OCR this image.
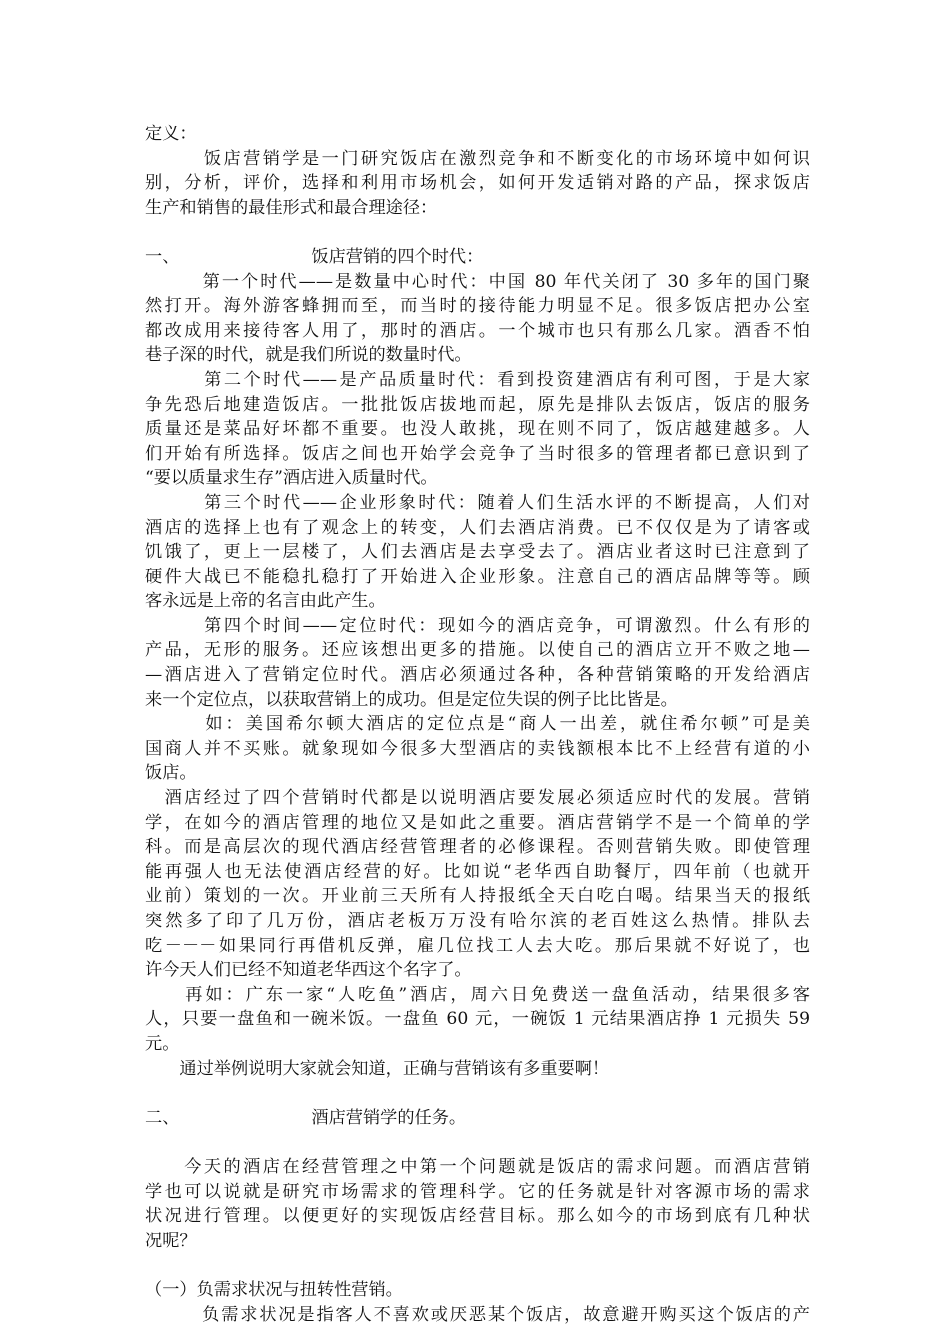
定义：
　　　饭店营销学是一门研究饭店在激烈竞争和不断变化的市场环境中如何识
别，分析，评价，选择和利用市场机会，如何开发适销对路的产品，探求饭店
生产和销售的最佳形式和最合理途径：
一、	饭店营销的四个时代：
　　　第一个时代——是数量中心时代：中国 80 年代关闭了 30 多年的国门聚
然打开。海外游客蜂拥而至，而当时的接待能力明显不足。很多饭店把办公室
都改成用来接待客人用了，那时的酒店。一个城市也只有那么几家。酒香不怕
巷子深的时代，就是我们所说的数量时代。
　　　第二个时代——是产品质量时代：看到投资建酒店有利可图，于是大家
争先恐后地建造饭店。一批批饭店拔地而起，原先是排队去饭店，饭店的服务
质量还是菜品好坏都不重要。也没人敢挑，现在则不同了，饭店越建越多。人
们开始有所选择。饭店之间也开始学会竞争了当时很多的管理者都已意识到了
“要以质量求生存”酒店进入质量时代。
　　　第三个时代——企业形象时代：随着人们生活水评的不断提高，人们对
酒店的选择上也有了观念上的转变，人们去酒店消费。已不仅仅是为了请客或
饥饿了，更上一层楼了，人们去酒店是去享受去了。酒店业者这时已注意到了
硬件大战已不能稳扎稳打了开始进入企业形象。注意自己的酒店品牌等等。顾
客永远是上帝的名言由此产生。
　　　第四个时间——定位时代：现如今的酒店竞争，可谓激烈。什么有形的
产品，无形的服务。还应该想出更多的措施。以使自己的酒店立开不败之地—
—酒店进入了营销定位时代。酒店必须通过各种，各种营销策略的开发给酒店
来一个定位点，以获取营销上的成功。但是定位失误的例子比比皆是。
　　　如：美国希尔顿大酒店的定位点是“商人一出差，就住希尔顿”可是美
国商人并不买账。就象现如今很多大型酒店的卖钱额根本比不上经营有道的小
饭店。
　酒店经过了四个营销时代都是以说明酒店要发展必须适应时代的发展。营销
学，在如今的酒店管理的地位又是如此之重要。酒店营销学不是一个简单的学
科。而是高层次的现代酒店经营管理者的必修课程。否则营销失败。即使管理
能再强人也无法使酒店经营的好。比如说“老华西自助餐厅，四年前（也就开
业前）策划的一次。开业前三天所有人持报纸全天白吃白喝。结果当天的报纸
突然多了印了几万份，酒店老板万万没有哈尔滨的老百姓这么热情。排队去
吃－－－如果同行再借机反弹，雇几位找工人去大吃。那后果就不好说了，也
许今天人们已经不知道老华西这个名字了。
　　再如：广东一家“人吃鱼”酒店，周六日免费送一盘鱼活动，结果很多客
人，只要一盘鱼和一碗米饭。一盘鱼 60 元，一碗饭 1 元结果酒店挣 1 元损失 59
元。
　　通过举例说明大家就会知道，正确与营销该有多重要啊！
二、	酒店营销学的任务。
　　今天的酒店在经营管理之中第一个问题就是饭店的需求问题。而酒店营销
学也可以说就是研究市场需求的管理科学。它的任务就是针对客源市场的需求
状况进行管理。以便更好的实现饭店经营目标。那么如今的市场到底有几种状
况呢？
（一）负需求状况与扭转性营销。
　　　负需求状况是指客人不喜欢或厌恶某个饭店，故意避开购买这个饭店的产
